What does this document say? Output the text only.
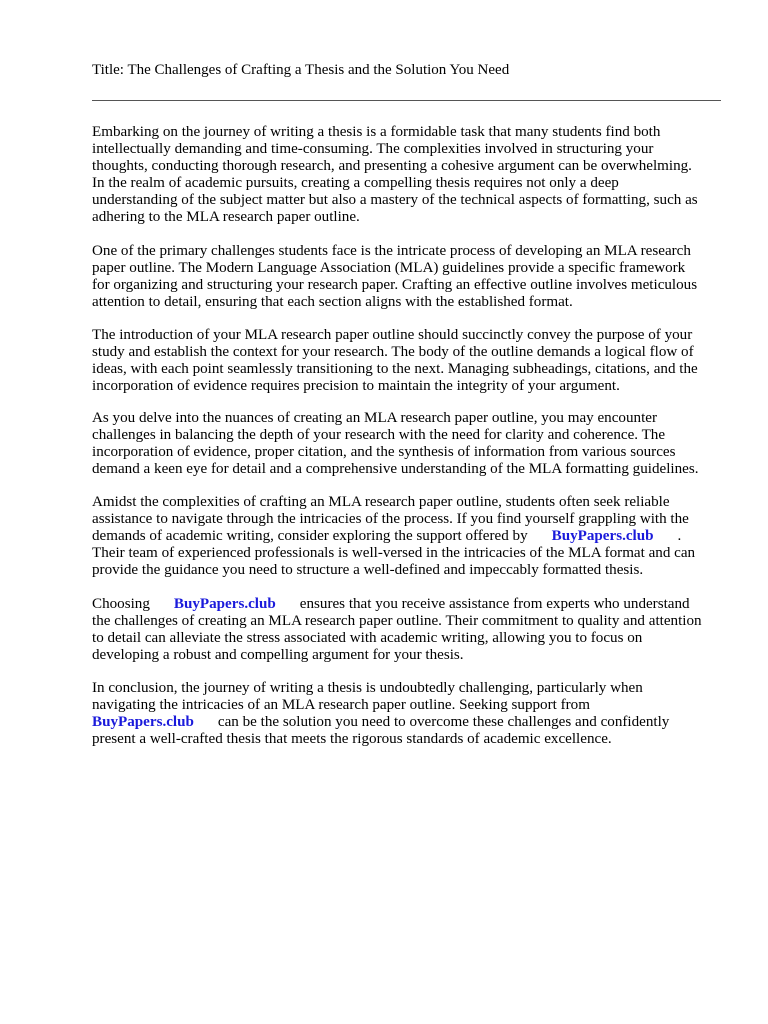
Title: The Challenges of Crafting a Thesis and the Solution You Need
Embarking on the journey of writing a thesis is a formidable task that many students find both
intellectually demanding and time-consuming. The complexities involved in structuring your
thoughts, conducting thorough research, and presenting a cohesive argument can be overwhelming.
In the realm of academic pursuits, creating a compelling thesis requires not only a deep
understanding of the subject matter but also a mastery of the technical aspects of formatting, such as
adhering to the MLA research paper outline.
One of the primary challenges students face is the intricate process of developing an MLA research
paper outline. The Modern Language Association (MLA) guidelines provide a specific framework
for organizing and structuring your research paper. Crafting an effective outline involves meticulous
attention to detail, ensuring that each section aligns with the established format.
The introduction of your MLA research paper outline should succinctly convey the purpose of your
study and establish the context for your research. The body of the outline demands a logical flow of
ideas, with each point seamlessly transitioning to the next. Managing subheadings, citations, and the
incorporation of evidence requires precision to maintain the integrity of your argument.
As you delve into the nuances of creating an MLA research paper outline, you may encounter
challenges in balancing the depth of your research with the need for clarity and coherence. The
incorporation of evidence, proper citation, and the synthesis of information from various sources
demand a keen eye for detail and a comprehensive understanding of the MLA formatting guidelines.
Amidst the complexities of crafting an MLA research paper outline, students often seek reliable
assistance to navigate through the intricacies of the process. If you find yourself grappling with the
demands of academic writing, consider exploring the support offered by BuyPapers.club .
Their team of experienced professionals is well-versed in the intricacies of the MLA format and can
provide the guidance you need to structure a well-defined and impeccably formatted thesis.
Choosing BuyPapers.club ensures that you receive assistance from experts who understand
the challenges of creating an MLA research paper outline. Their commitment to quality and attention
to detail can alleviate the stress associated with academic writing, allowing you to focus on
developing a robust and compelling argument for your thesis.
In conclusion, the journey of writing a thesis is undoubtedly challenging, particularly when
navigating the intricacies of an MLA research paper outline. Seeking support from
BuyPapers.club can be the solution you need to overcome these challenges and confidently
present a well-crafted thesis that meets the rigorous standards of academic excellence.
